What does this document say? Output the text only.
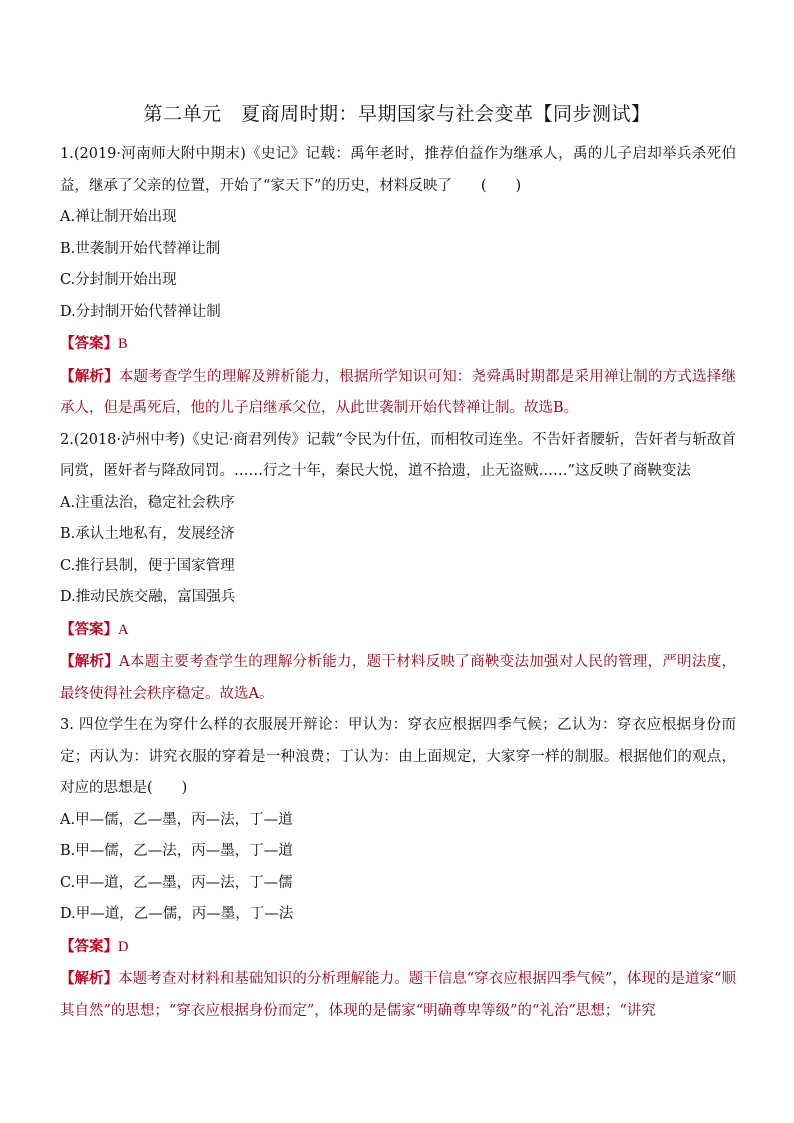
第二单元　夏商周时期：早期国家与社会变革【同步测试】

1.(2019·河南师大附中期末)《史记》记载：禹年老时，推荐伯益作为继承人，禹的儿子启却举兵杀死伯益，继承了父亲的位置，开始了“家天下”的历史，材料反映了　　(　　)

A.禅让制开始出现

B.世袭制开始代替禅让制

C.分封制开始出现

D.分封制开始代替禅让制

【答案】B

【解析】本题考查学生的理解及辨析能力，根据所学知识可知：尧舜禹时期都是采用禅让制的方式选择继承人，但是禹死后，他的儿子启继承父位，从此世袭制开始代替禅让制。故选B。

2.(2018·泸州中考)《史记·商君列传》记载“令民为什伍，而相牧司连坐。不告奸者腰斩，告奸者与斩敌首同赏，匿奸者与降敌同罚。……行之十年，秦民大悦，道不拾遗，止无盗贼……”这反映了商鞅变法

A.注重法治，稳定社会秩序

B.承认土地私有，发展经济

C.推行县制，便于国家管理

D.推动民族交融，富国强兵

【答案】A

【解析】A本题主要考查学生的理解分析能力，题干材料反映了商鞅变法加强对人民的管理，严明法度，最终使得社会秩序稳定。故选A。

3. 四位学生在为穿什么样的衣服展开辩论：甲认为：穿衣应根据四季气候；乙认为：穿衣应根据身份而定；丙认为：讲究衣服的穿着是一种浪费；丁认为：由上面规定，大家穿一样的制服。根据他们的观点，对应的思想是(　　)

A.甲—儒，乙—墨，丙—法，丁—道

B.甲—儒，乙—法，丙—墨，丁—道

C.甲—道，乙—墨，丙—法，丁—儒

D.甲—道，乙—儒，丙—墨，丁—法

【答案】D

【解析】本题考查对材料和基础知识的分析理解能力。题干信息“穿衣应根据四季气候”，体现的是道家“顺其自然”的思想；“穿衣应根据身份而定”，体现的是儒家“明确尊卑等级”的“礼治”思想；“讲究
